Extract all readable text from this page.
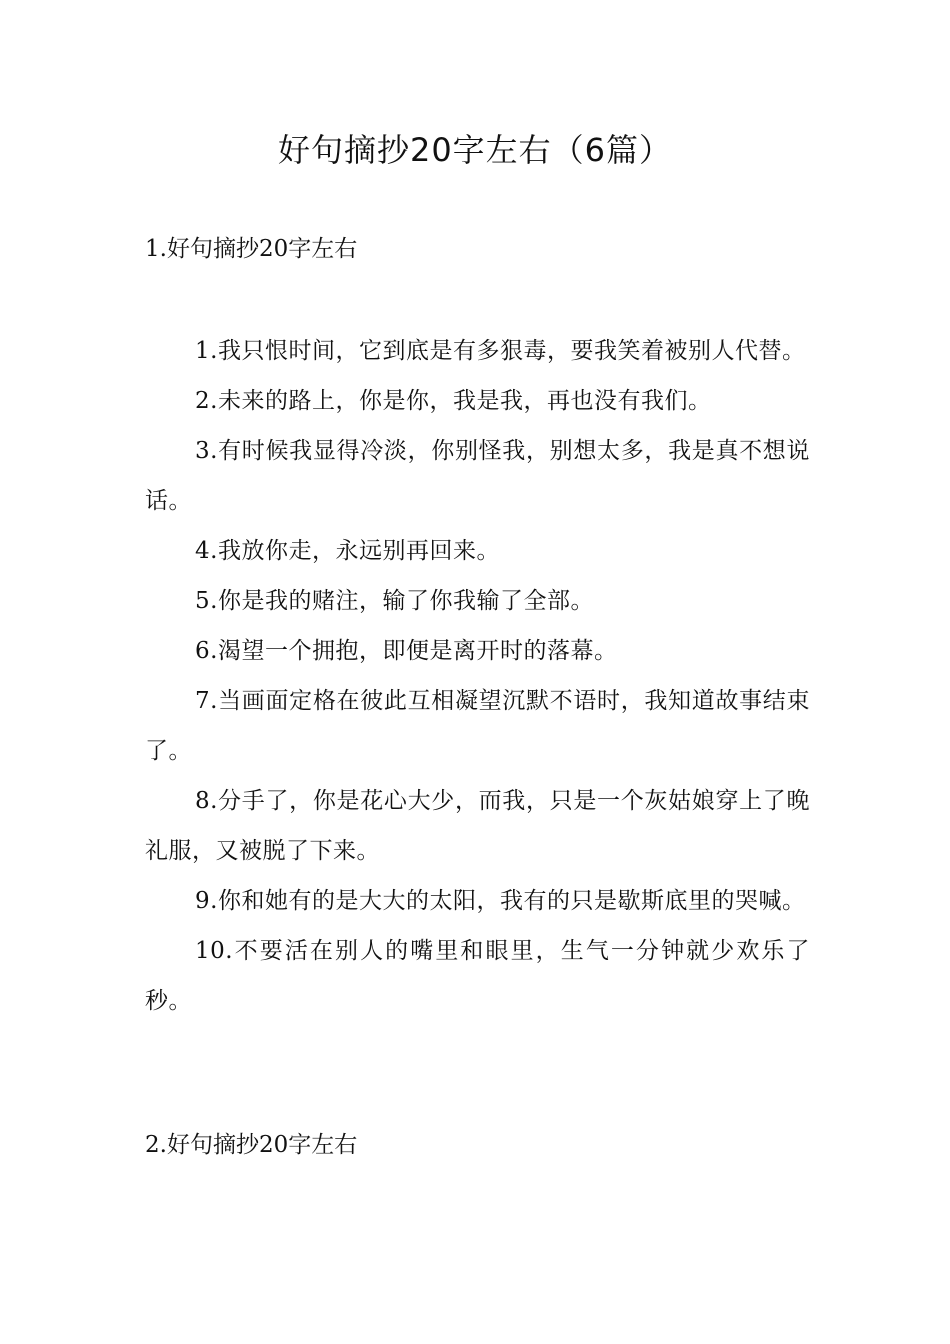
好句摘抄20字左右（6篇）
1.好句摘抄20字左右

1.我只恨时间，它到底是有多狠毒，要我笑着被别人代替。

2.未来的路上，你是你，我是我，再也没有我们。

3.有时候我显得冷淡，你别怪我，别想太多，我是真不想说话。

4.我放你走，永远别再回来。

5.你是我的赌注，输了你我输了全部。

6.渴望一个拥抱，即便是离开时的落幕。

7.当画面定格在彼此互相凝望沉默不语时，我知道故事结束了。

8.分手了，你是花心大少，而我，只是一个灰姑娘穿上了晚礼服，又被脱了下来。

9.你和她有的是大大的太阳，我有的只是歇斯底里的哭喊。

10.不要活在别人的嘴里和眼里，生气一分钟就少欢乐了秒。

2.好句摘抄20字左右
